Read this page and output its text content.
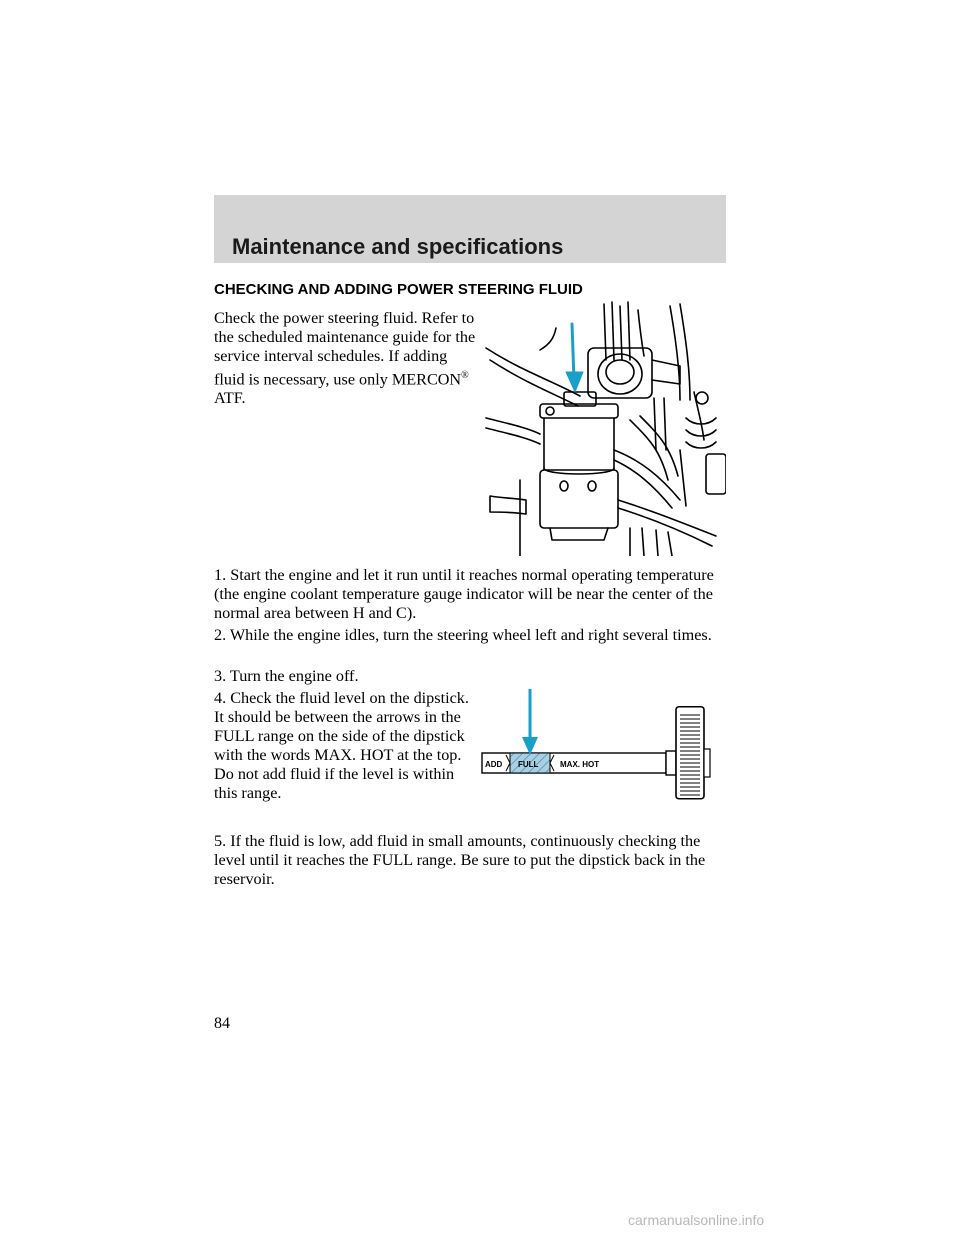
Maintenance and specifications
CHECKING AND ADDING POWER STEERING FLUID

Check the power steering fluid. Refer to the scheduled maintenance guide for the service interval schedules. If adding fluid is necessary, use only MERCON® ATF.

1. Start the engine and let it run until it reaches normal operating temperature (the engine coolant temperature gauge indicator will be near the center of the normal area between H and C).

2. While the engine idles, turn the steering wheel left and right several times.

3. Turn the engine off.

4. Check the fluid level on the dipstick. It should be between the arrows in the FULL range on the side of the dipstick with the words MAX. HOT at the top. Do not add fluid if the level is within this range.

ADD FULL	MAX. HOT

5. If the fluid is low, add fluid in small amounts, continuously checking the level until it reaches the FULL range. Be sure to put the dipstick back in the reservoir.

84
carmanualsonline.info
